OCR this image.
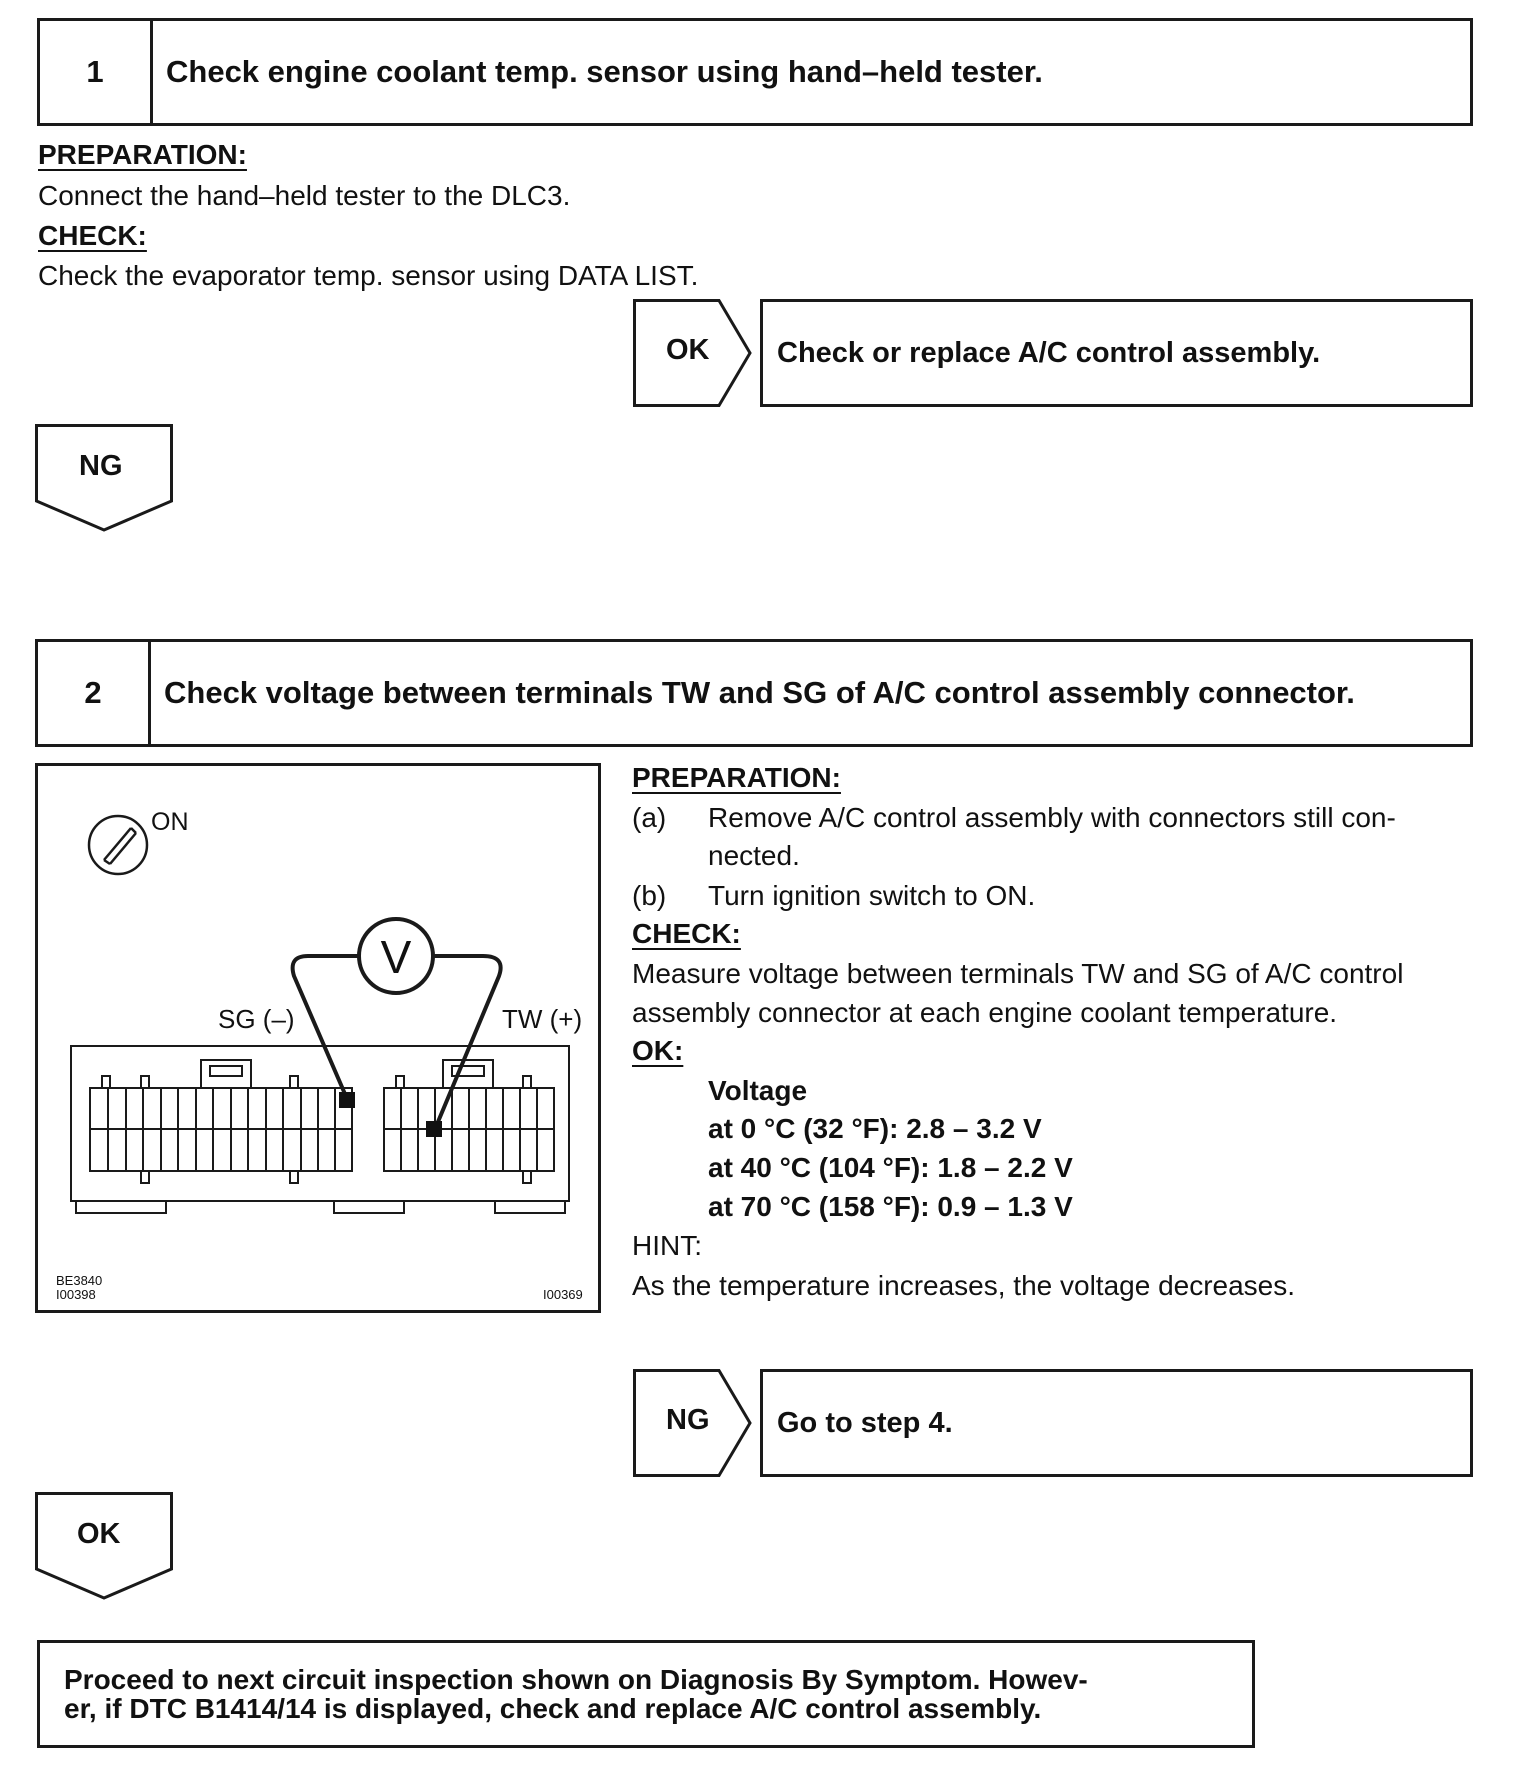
1	Check engine coolant temp. sensor using hand–held tester.
PREPARATION:
Connect the hand–held tester to the DLC3.
CHECK:
Check the evaporator temp. sensor using DATA LIST.
OK Check or replace A/C control assembly.
NG
2	Check voltage between terminals TW and SG of A/C control assembly connector.
ON
V
SG (–)	TW (+)
BE3840
I00398	I00369
PREPARATION:
(a) Remove A/C control assembly with connectors still con-
nected.
(b) Turn ignition switch to ON.
CHECK:
Measure voltage between terminals TW and SG of A/C control
assembly connector at each engine coolant temperature.
OK:
Voltage
at 0 °C (32 °F): 2.8 – 3.2 V
at 40 °C (104 °F): 1.8 – 2.2 V
at 70 °C (158 °F): 0.9 – 1.3 V
HINT:
As the temperature increases, the voltage decreases.
NG Go to step 4.
OK
Proceed to next circuit inspection shown on Diagnosis By Symptom. Howev-
er, if DTC B1414/14 is displayed, check and replace A/C control assembly.
